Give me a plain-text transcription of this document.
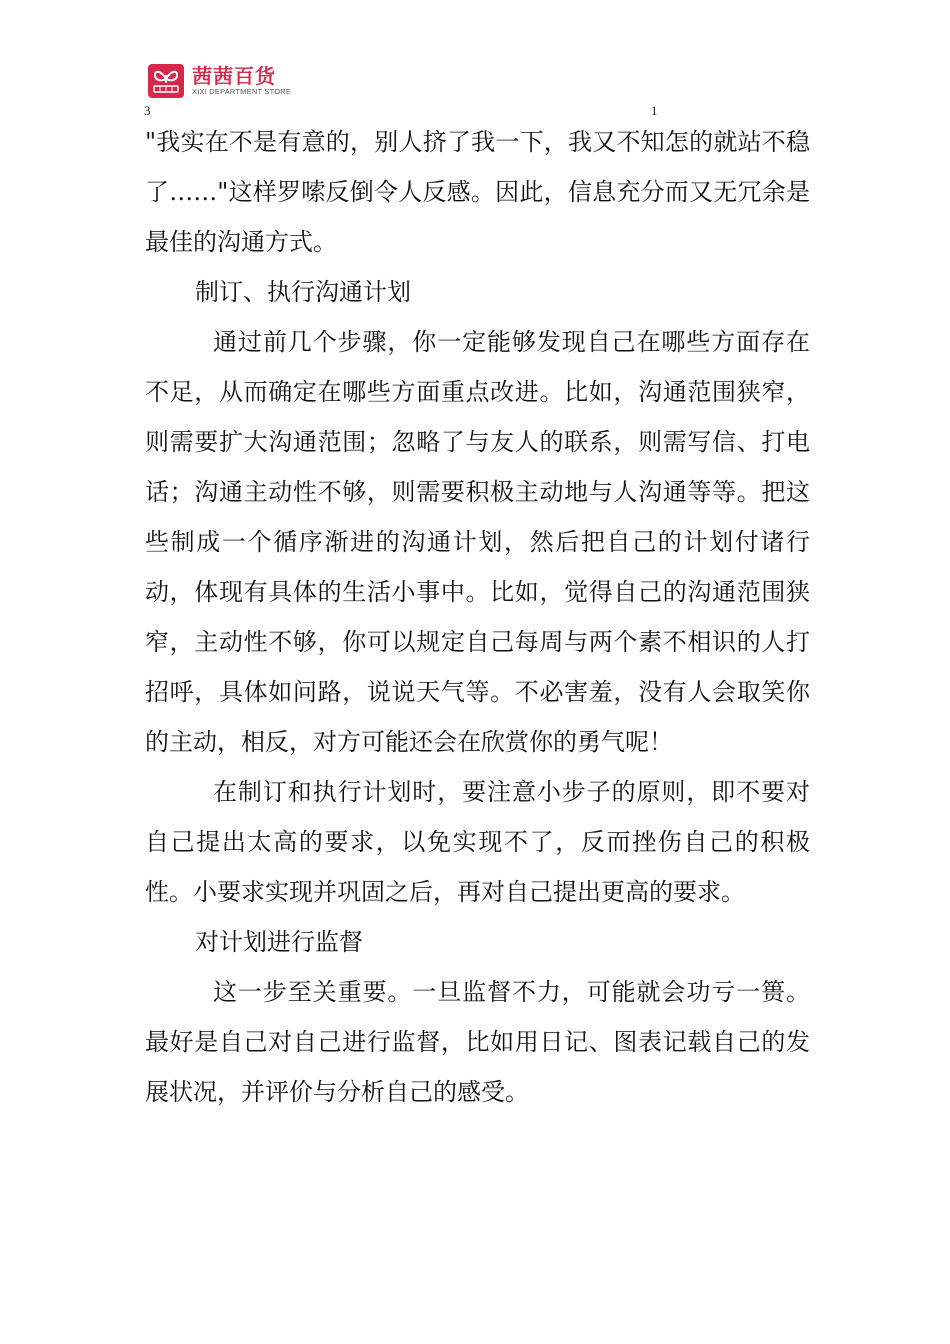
茜茜百货
XIXI DEPARTMENT STORE
3	1

"我实在不是有意的，别人挤了我一下，我又不知怎的就站不稳了……"这样罗嗦反倒令人反感。因此，信息充分而又无冗余是最佳的沟通方式。

制订、执行沟通计划

通过前几个步骤，你一定能够发现自己在哪些方面存在不足，从而确定在哪些方面重点改进。比如，沟通范围狭窄，则需要扩大沟通范围；忽略了与友人的联系，则需写信、打电话；沟通主动性不够，则需要积极主动地与人沟通等等。把这些制成一个循序渐进的沟通计划，然后把自己的计划付诸行动，体现有具体的生活小事中。比如，觉得自己的沟通范围狭窄，主动性不够，你可以规定自己每周与两个素不相识的人打招呼，具体如问路，说说天气等。不必害羞，没有人会取笑你的主动，相反，对方可能还会在欣赏你的勇气呢！

在制订和执行计划时，要注意小步子的原则，即不要对自己提出太高的要求，以免实现不了，反而挫伤自己的积极性。小要求实现并巩固之后，再对自己提出更高的要求。

对计划进行监督

这一步至关重要。一旦监督不力，可能就会功亏一篑。最好是自己对自己进行监督，比如用日记、图表记载自己的发展状况，并评价与分析自己的感受。
